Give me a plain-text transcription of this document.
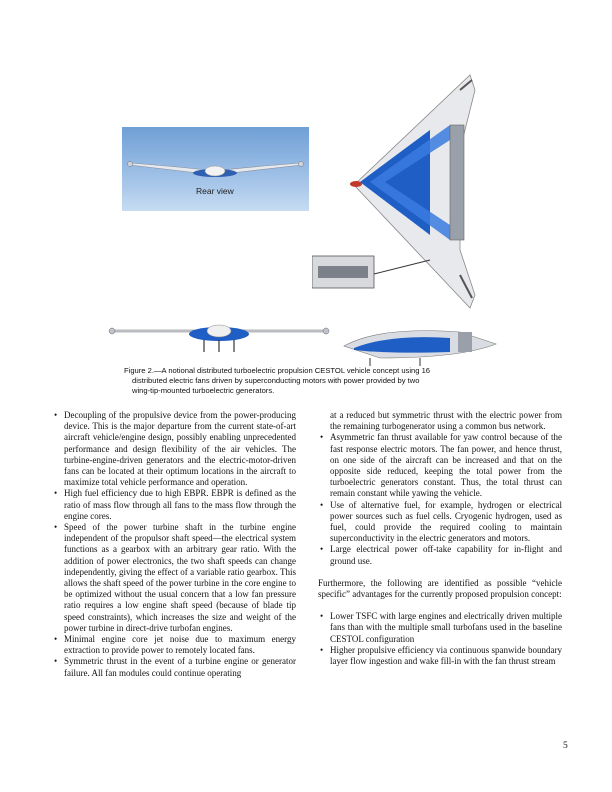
Rear view
Figure 2.—A notional distributed turboelectric propulsion CESTOL vehicle concept using 16
distributed electric fans driven by superconducting motors with power provided by two
wing-tip-mounted turboelectric generators.

• Decoupling of the propulsive device from the power-producing device. This is the major departure from the current state-of-art aircraft vehicle/engine design, possibly enabling unprecedented performance and design flexibility of the air vehicles. The turbine-engine-driven generators and the electric-motor-driven fans can be located at their optimum locations in the aircraft to maximize total vehicle performance and operation.

• High fuel efficiency due to high EBPR. EBPR is defined as the ratio of mass flow through all fans to the mass flow through the engine cores.

• Speed of the power turbine shaft in the turbine engine independent of the propulsor shaft speed—the electrical system functions as a gearbox with an arbitrary gear ratio. With the addition of power electronics, the two shaft speeds can change independently, giving the effect of a variable ratio gearbox. This allows the shaft speed of the power turbine in the core engine to be optimized without the usual concern that a low fan pressure ratio requires a low engine shaft speed (because of blade tip speed constraints), which increases the size and weight of the power turbine in direct-drive turbofan engines.

• Minimal engine core jet noise due to maximum energy extraction to provide power to remotely located fans.

• Symmetric thrust in the event of a turbine engine or generator failure. All fan modules could continue operating

at a reduced but symmetric thrust with the electric power from the remaining turbogenerator using a common bus network.

• Asymmetric fan thrust available for yaw control because of the fast response electric motors. The fan power, and hence thrust, on one side of the aircraft can be increased and that on the opposite side reduced, keeping the total power from the turboelectric generators constant. Thus, the total thrust can remain constant while yawing the vehicle.

• Use of alternative fuel, for example, hydrogen or electrical power sources such as fuel cells. Cryogenic hydrogen, used as fuel, could provide the required cooling to maintain superconductivity in the electric generators and motors.

• Large electrical power off-take capability for in-flight and ground use.

Furthermore, the following are identified as possible “vehicle specific” advantages for the currently proposed propulsion concept:

• Lower TSFC with large engines and electrically driven multiple fans than with the multiple small turbofans used in the baseline CESTOL configuration

• Higher propulsive efficiency via continuous spanwide boundary layer flow ingestion and wake fill-in with the fan thrust stream

5
